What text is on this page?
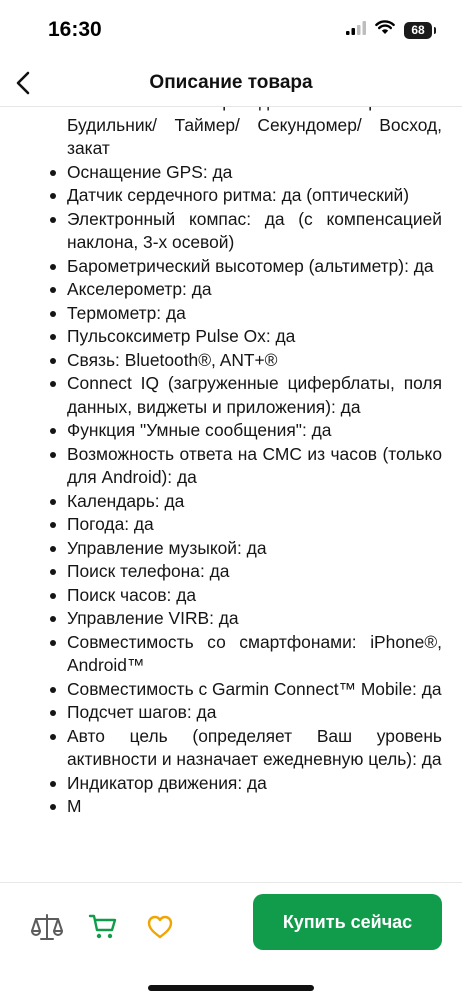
16:30	68
Описание товара
Будильник/ Таймер/ Секундомер/ Восход, закат
Оснащение GPS: да
Датчик сердечного ритма: да (оптический)
Электронный компас: да (с компенсацией наклона, 3-х осевой)
Барометрический высотомер (альтиметр): да
Акселерометр: да
Термометр: да
Пульсоксиметр Pulse Ox: да
Связь: Bluetooth®, ANT+®
Connect IQ (загруженные циферблаты, поля данных, виджеты и приложения): да
Функция "Умные сообщения": да
Возможность ответа на СМС из часов (только для Android): да
Календарь: да
Погода: да
Управление музыкой: да
Поиск телефона: да
Поиск часов: да
Управление VIRB: да
Совместимость со смартфонами: iPhone®, Android™
Совместимость с Garmin Connect™ Mobile: да
Подсчет шагов: да
Авто цель (определяет Ваш уровень активности и назначает ежедневную цель): да
Индикатор движения: да
М
Купить сейчас
